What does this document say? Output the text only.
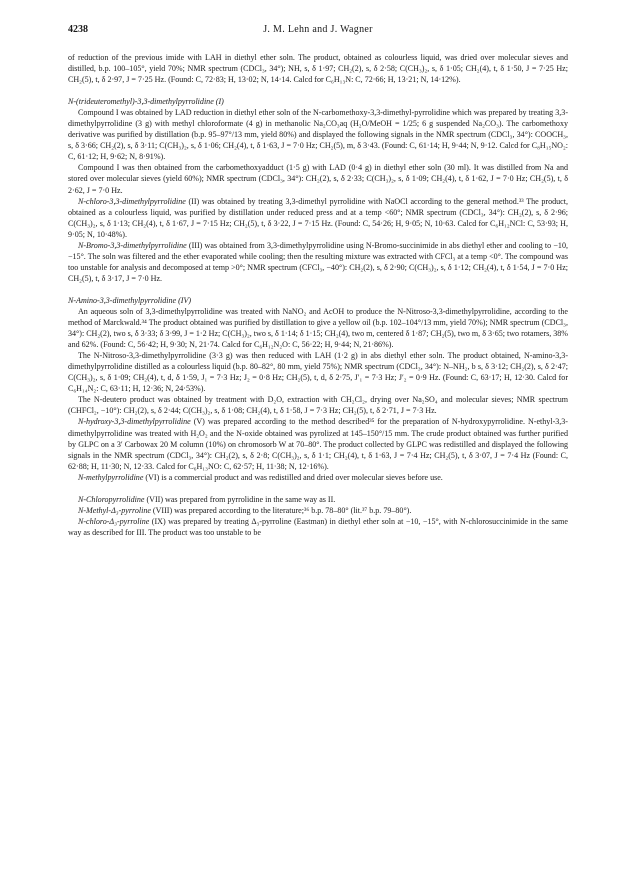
4238	J. M. Lehn and J. Wagner

of reduction of the previous imide with LAH in diethyl ether soln. The product, obtained as colourless liquid, was dried over molecular sieves and distilled, b.p. 100–105°, yield 70%; NMR spectrum (CDCl₃, 34°); NH, s, δ 1·97; CH₂(2), s, δ 2·58; C(CH₃)₂, s, δ 1·05; CH₂(4), t, δ 1·50, J = 7·25 Hz; CH₂(5), t, δ 2·97, J = 7·25 Hz. (Found: C, 72·83; H, 13·02; N, 14·14. Calcd for C₆H₁₃N: C, 72·66; H, 13·21; N, 14·12%).

N-(trideuteromethyl)-3,3-dimethylpyrrolidine (I)

Compound I was obtained by LAD reduction in diethyl ether soln of the N-carbomethoxy-3,3-dimethyl-pyrrolidine which was prepared by treating 3,3-dimethylpyrrolidine (3 g) with methyl chloroformate (4 g) in methanolic Na₂CO₃aq (H₂O/MeOH = 1/25; 6 g suspended Na₂CO₃). The carbomethoxy derivative was purified by distillation (b.p. 95–97°/13 mm, yield 80%) and displayed the following signals in the NMR spectrum (CDCl₃, 34°): COOCH₃, s, δ 3·66; CH₂(2), s, δ 3·11; C(CH₃)₂, s, δ 1·06; CH₂(4), t, δ 1·63, J = 7·0 Hz; CH₂(5), m, δ 3·43. (Found: C, 61·14; H, 9·44; N, 9·12. Calcd for C₈H₁₅NO₂: C, 61·12; H, 9·62; N, 8·91%).

Compound I was then obtained from the carbomethoxyadduct (1·5 g) with LAD (0·4 g) in diethyl ether soln (30 ml). It was distilled from Na and stored over molecular sieves (yield 60%); NMR spectrum (CDCl₃, 34°): CH₂(2), s, δ 2·33; C(CH₃)₂, s, δ 1·09; CH₂(4), t, δ 1·62, J = 7·0 Hz; CH₂(5), t, δ 2·62, J = 7·0 Hz.

N-chloro-3,3-dimethylpyrrolidine (II) was obtained by treating 3,3-dimethyl pyrrolidine with NaOCl according to the general method.³³ The product, obtained as a colourless liquid, was purified by distillation under reduced press and at a temp <60°; NMR spectrum (CDCl₃, 34°): CH₂(2), s, δ 2·96; C(CH₃)₂, s, δ 1·13; CH₂(4), t, δ 1·67, J = 7·15 Hz; CH₂(5), t, δ 3·22, J = 7·15 Hz. (Found: C, 54·26; H, 9·05; N, 10·63. Calcd for C₆H₁₂NCl: C, 53·93; H, 9·05; N, 10·48%).

N-Bromo-3,3-dimethylpyrrolidine (III) was obtained from 3,3-dimethylpyrrolidine using N-Bromo-succinimide in abs diethyl ether and cooling to −10, −15°. The soln was filtered and the ether evaporated while cooling; then the resulting mixture was extracted with CFCl₃ at a temp <0°. The compound was too unstable for analysis and decomposed at temp >0°; NMR spectrum (CFCl₃, −40°): CH₂(2), s, δ 2·90; C(CH₃)₂, s, δ 1·12; CH₂(4), t, δ 1·54, J = 7·0 Hz; CH₂(5), t, δ 3·17, J = 7·0 Hz.

N-Amino-3,3-dimethylpyrrolidine (IV)

An aqueous soln of 3,3-dimethylpyrrolidine was treated with NaNO₂ and AcOH to produce the N-Nitroso-3,3-dimethylpyrrolidine, according to the method of Marckwald.³⁴ The product obtained was purified by distillation to give a yellow oil (b.p. 102–104°/13 mm, yield 70%); NMR spectrum (CDCl₃, 34°): CH₂(2), two s, δ 3·33; δ 3·99, J = 1·2 Hz; C(CH₃)₂, two s, δ 1·14; δ 1·15; CH₂(4), two m, centered δ 1·87; CH₂(5), two m, δ 3·65; two rotamers, 38% and 62%. (Found: C, 56·42; H, 9·30; N, 21·74. Calcd for C₆H₁₂N₂O: C, 56·22; H, 9·44; N, 21·86%).

The N-Nitroso-3,3-dimethylpyrrolidine (3·3 g) was then reduced with LAH (1·2 g) in abs diethyl ether soln. The product obtained, N-amino-3,3-dimethylpyrrolidine distilled as a colourless liquid (b.p. 80–82°, 80 mm, yield 75%); NMR spectrum (CDCl₃, 34°): N–NH₂, b s, δ 3·12; CH₂(2), s, δ 2·47; C(CH₃)₂, s, δ 1·09; CH₂(4), t, d, δ 1·59, J₁ = 7·3 Hz; J₂ = 0·8 Hz; CH₂(5), t, d, δ 2·75, J′₁ = 7·3 Hz; J′₂ = 0·9 Hz. (Found: C, 63·17; H, 12·30. Calcd for C₆H₁₄N₂: C, 63·11; H, 12·36; N, 24·53%).

The N-deutero product was obtained by treatment with D₂O, extraction with CH₂Cl₂, drying over Na₂SO₄ and molecular sieves; NMR spectrum (CHFCl₂, −10°): CH₂(2), s, δ 2·44; C(CH₃)₂, s, δ 1·08; CH₂(4), t, δ 1·58, J = 7·3 Hz; CH₂(5), t, δ 2·71, J = 7·3 Hz.

N-hydroxy-3,3-dimethylpyrrolidine (V) was prepared according to the method described³⁵ for the preparation of N-hydroxypyrrolidine. N-ethyl-3,3-dimethylpyrrolidine was treated with H₂O₂ and the N-oxide obtained was pyrolized at 145–150°/15 mm. The crude product obtained was further purified by GLPC on a 3′ Carbowax 20 M column (10%) on chromosorb W at 70–80°. The product collected by GLPC was redistilled and displayed the following signals in the NMR spectrum (CDCl₃, 34°): CH₂(2), s, δ 2·8; C(CH₃)₂, s, δ 1·1; CH₂(4), t, δ 1·63, J = 7·4 Hz; CH₂(5), t, δ 3·07, J = 7·4 Hz (Found: C, 62·88; H, 11·30; N, 12·33. Calcd for C₆H₁₃NO: C, 62·57; H, 11·38; N, 12·16%).

N-methylpyrrolidine (VI) is a commercial product and was redistilled and dried over molecular sieves before use.

N-Chloropyrrolidine (VII) was prepared from pyrrolidine in the same way as II.

N-Methyl-Δ₃-pyrroline (VIII) was prepared according to the literature;³⁶ b.p. 78–80° (lit.³⁷ b.p. 79–80°).

N-chloro-Δ₃-pyrroline (IX) was prepared by treating Δ₃-pyrroline (Eastman) in diethyl ether soln at −10, −15°, with N-chlorosuccinimide in the same way as described for III. The product was too unstable to be
